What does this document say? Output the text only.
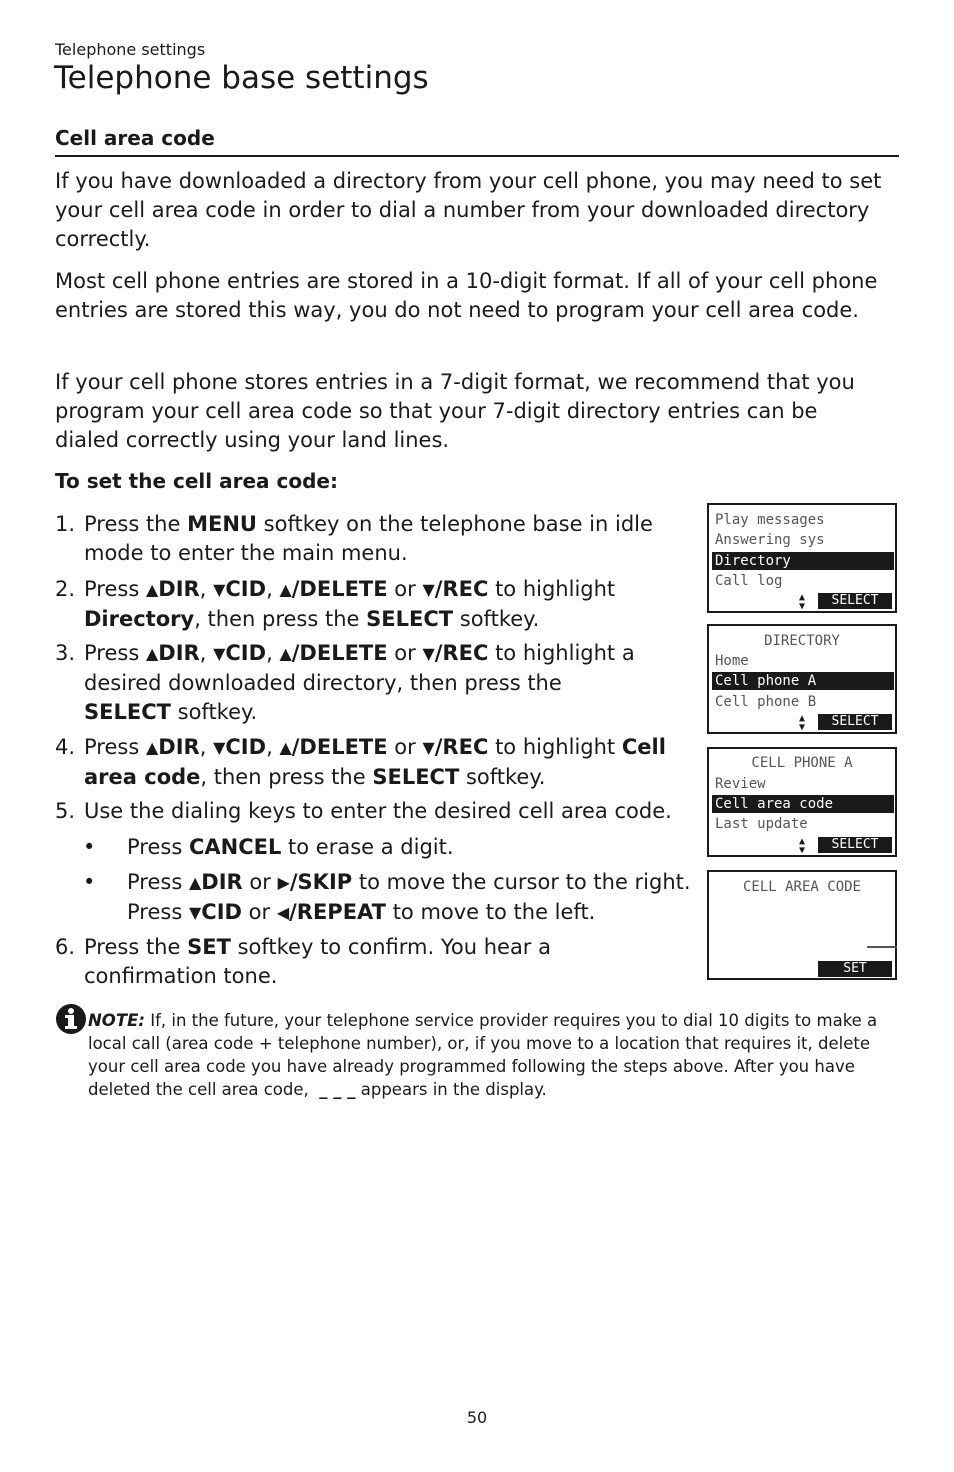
Telephone settings
Telephone base settings
Cell area code

If you have downloaded a directory from your cell phone, you may need to set your cell area code in order to dial a number from your downloaded directory correctly.

Most cell phone entries are stored in a 10-digit format. If all of your cell phone entries are stored this way, you do not need to program your cell area code.

If your cell phone stores entries in a 7-digit format, we recommend that you program your cell area code so that your 7-digit directory entries can be dialed correctly using your land lines.

To set the cell area code:
1. Press the MENU softkey on the telephone base in idle mode to enter the main menu.
2. Press ▲DIR, ▼CID, ▲/DELETE or ▼/REC to highlight Directory, then press the SELECT softkey.
3. Press ▲DIR, ▼CID, ▲/DELETE or ▼/REC to highlight a desired downloaded directory, then press the
SELECT softkey.
4. Press ▲DIR, ▼CID, ▲/DELETE or ▼/REC to highlight Cell area code, then press the SELECT softkey.
5. Use the dialing keys to enter the desired cell area code.
• Press CANCEL to erase a digit.
• Press ▲DIR or ▶/SKIP to move the cursor to the right. Press ▼CID or ◀/REPEAT to move to the left.
6. Press the SET softkey to confirm. You hear a confirmation tone.
Play messages
Answering sys
Directory
Call log
▲
▼	SELECT
DIRECTORY
Home
Cell phone A
Cell phone B
▲
▼	SELECT
CELL PHONE A
Review
Cell area code
Last update
▲
▼	SELECT
CELL AREA CODE
SET

NOTE: If, in the future, your telephone service provider requires you to dial 10 digits to make a local call (area code + telephone number), or, if you move to a location that requires it, delete your cell area code you have already programmed following the steps above. After you have deleted the cell area code, _ _ _ appears in the display.

50
